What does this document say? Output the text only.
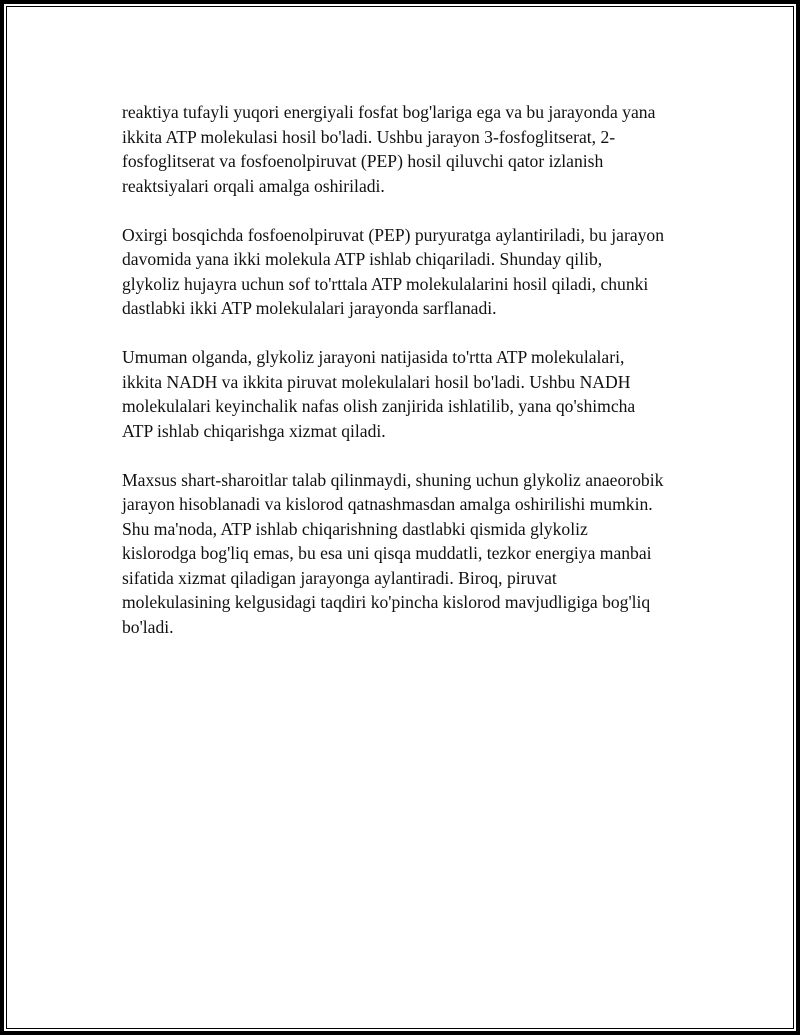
reaktiya tufayli yuqori energiyali fosfat bog'lariga ega va bu jarayonda yana
ikkita ATP molekulasi hosil bo'ladi. Ushbu jarayon 3-fosfoglitserat, 2-
fosfoglitserat va fosfoenolpiruvat (PEP) hosil qiluvchi qator izlanish
reaktsiyalari orqali amalga oshiriladi.

Oxirgi bosqichda fosfoenolpiruvat (PEP) puryuratga aylantiriladi, bu jarayon
davomida yana ikki molekula ATP ishlab chiqariladi. Shunday qilib,
glykoliz hujayra uchun sof to'rttala ATP molekulalarini hosil qiladi, chunki
dastlabki ikki ATP molekulalari jarayonda sarflanadi.

Umuman olganda, glykoliz jarayoni natijasida to'rtta ATP molekulalari,
ikkita NADH va ikkita piruvat molekulalari hosil bo'ladi. Ushbu NADH
molekulalari keyinchalik nafas olish zanjirida ishlatilib, yana qo'shimcha
ATP ishlab chiqarishga xizmat qiladi.

Maxsus shart-sharoitlar talab qilinmaydi, shuning uchun glykoliz anaeorobik
jarayon hisoblanadi va kislorod qatnashmasdan amalga oshirilishi mumkin.
Shu ma'noda, ATP ishlab chiqarishning dastlabki qismida glykoliz
kislorodga bog'liq emas, bu esa uni qisqa muddatli, tezkor energiya manbai
sifatida xizmat qiladigan jarayonga aylantiradi. Biroq, piruvat
molekulasining kelgusidagi taqdiri ko'pincha kislorod mavjudligiga bog'liq
bo'ladi.
